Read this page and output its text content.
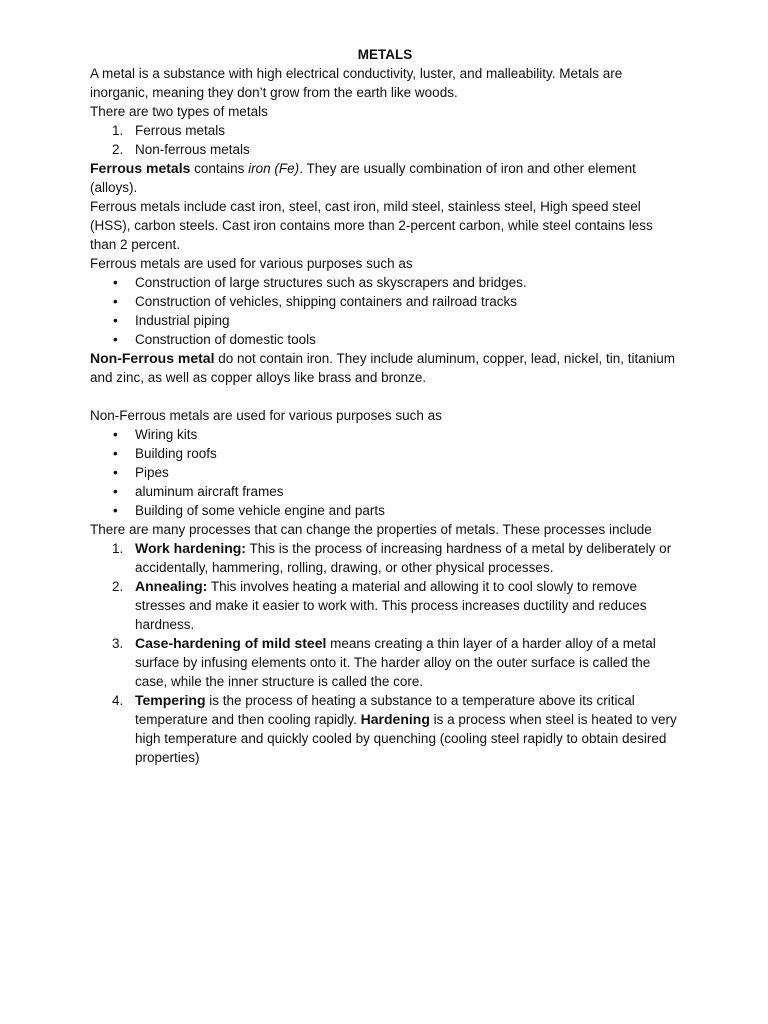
METALS

A metal is a substance with high electrical conductivity, luster, and malleability. Metals are inorganic, meaning they don’t grow from the earth like woods.

There are two types of metals

1. Ferrous metals
2. Non-ferrous metals

Ferrous metals contains iron (Fe). They are usually combination of iron and other element (alloys).

Ferrous metals include cast iron, steel, cast iron, mild steel, stainless steel, High speed steel (HSS), carbon steels. Cast iron contains more than 2-percent carbon, while steel contains less than 2 percent.

Ferrous metals are used for various purposes such as

• Construction of large structures such as skyscrapers and bridges.
• Construction of vehicles, shipping containers and railroad tracks
• Industrial piping
• Construction of domestic tools

Non-Ferrous metal do not contain iron. They include aluminum, copper, lead, nickel, tin, titanium and zinc, as well as copper alloys like brass and bronze.

Non-Ferrous metals are used for various purposes such as

• Wiring kits
• Building roofs
• Pipes
• aluminum aircraft frames
• Building of some vehicle engine and parts

There are many processes that can change the properties of metals. These processes include

1. Work hardening: This is the process of increasing hardness of a metal by deliberately or accidentally, hammering, rolling, drawing, or other physical processes.
2. Annealing: This involves heating a material and allowing it to cool slowly to remove stresses and make it easier to work with. This process increases ductility and reduces hardness.
3. Case-hardening of mild steel means creating a thin layer of a harder alloy of a metal surface by infusing elements onto it. The harder alloy on the outer surface is called the case, while the inner structure is called the core.
4. Tempering is the process of heating a substance to a temperature above its critical temperature and then cooling rapidly. Hardening is a process when steel is heated to very high temperature and quickly cooled by quenching (cooling steel rapidly to obtain desired properties)
